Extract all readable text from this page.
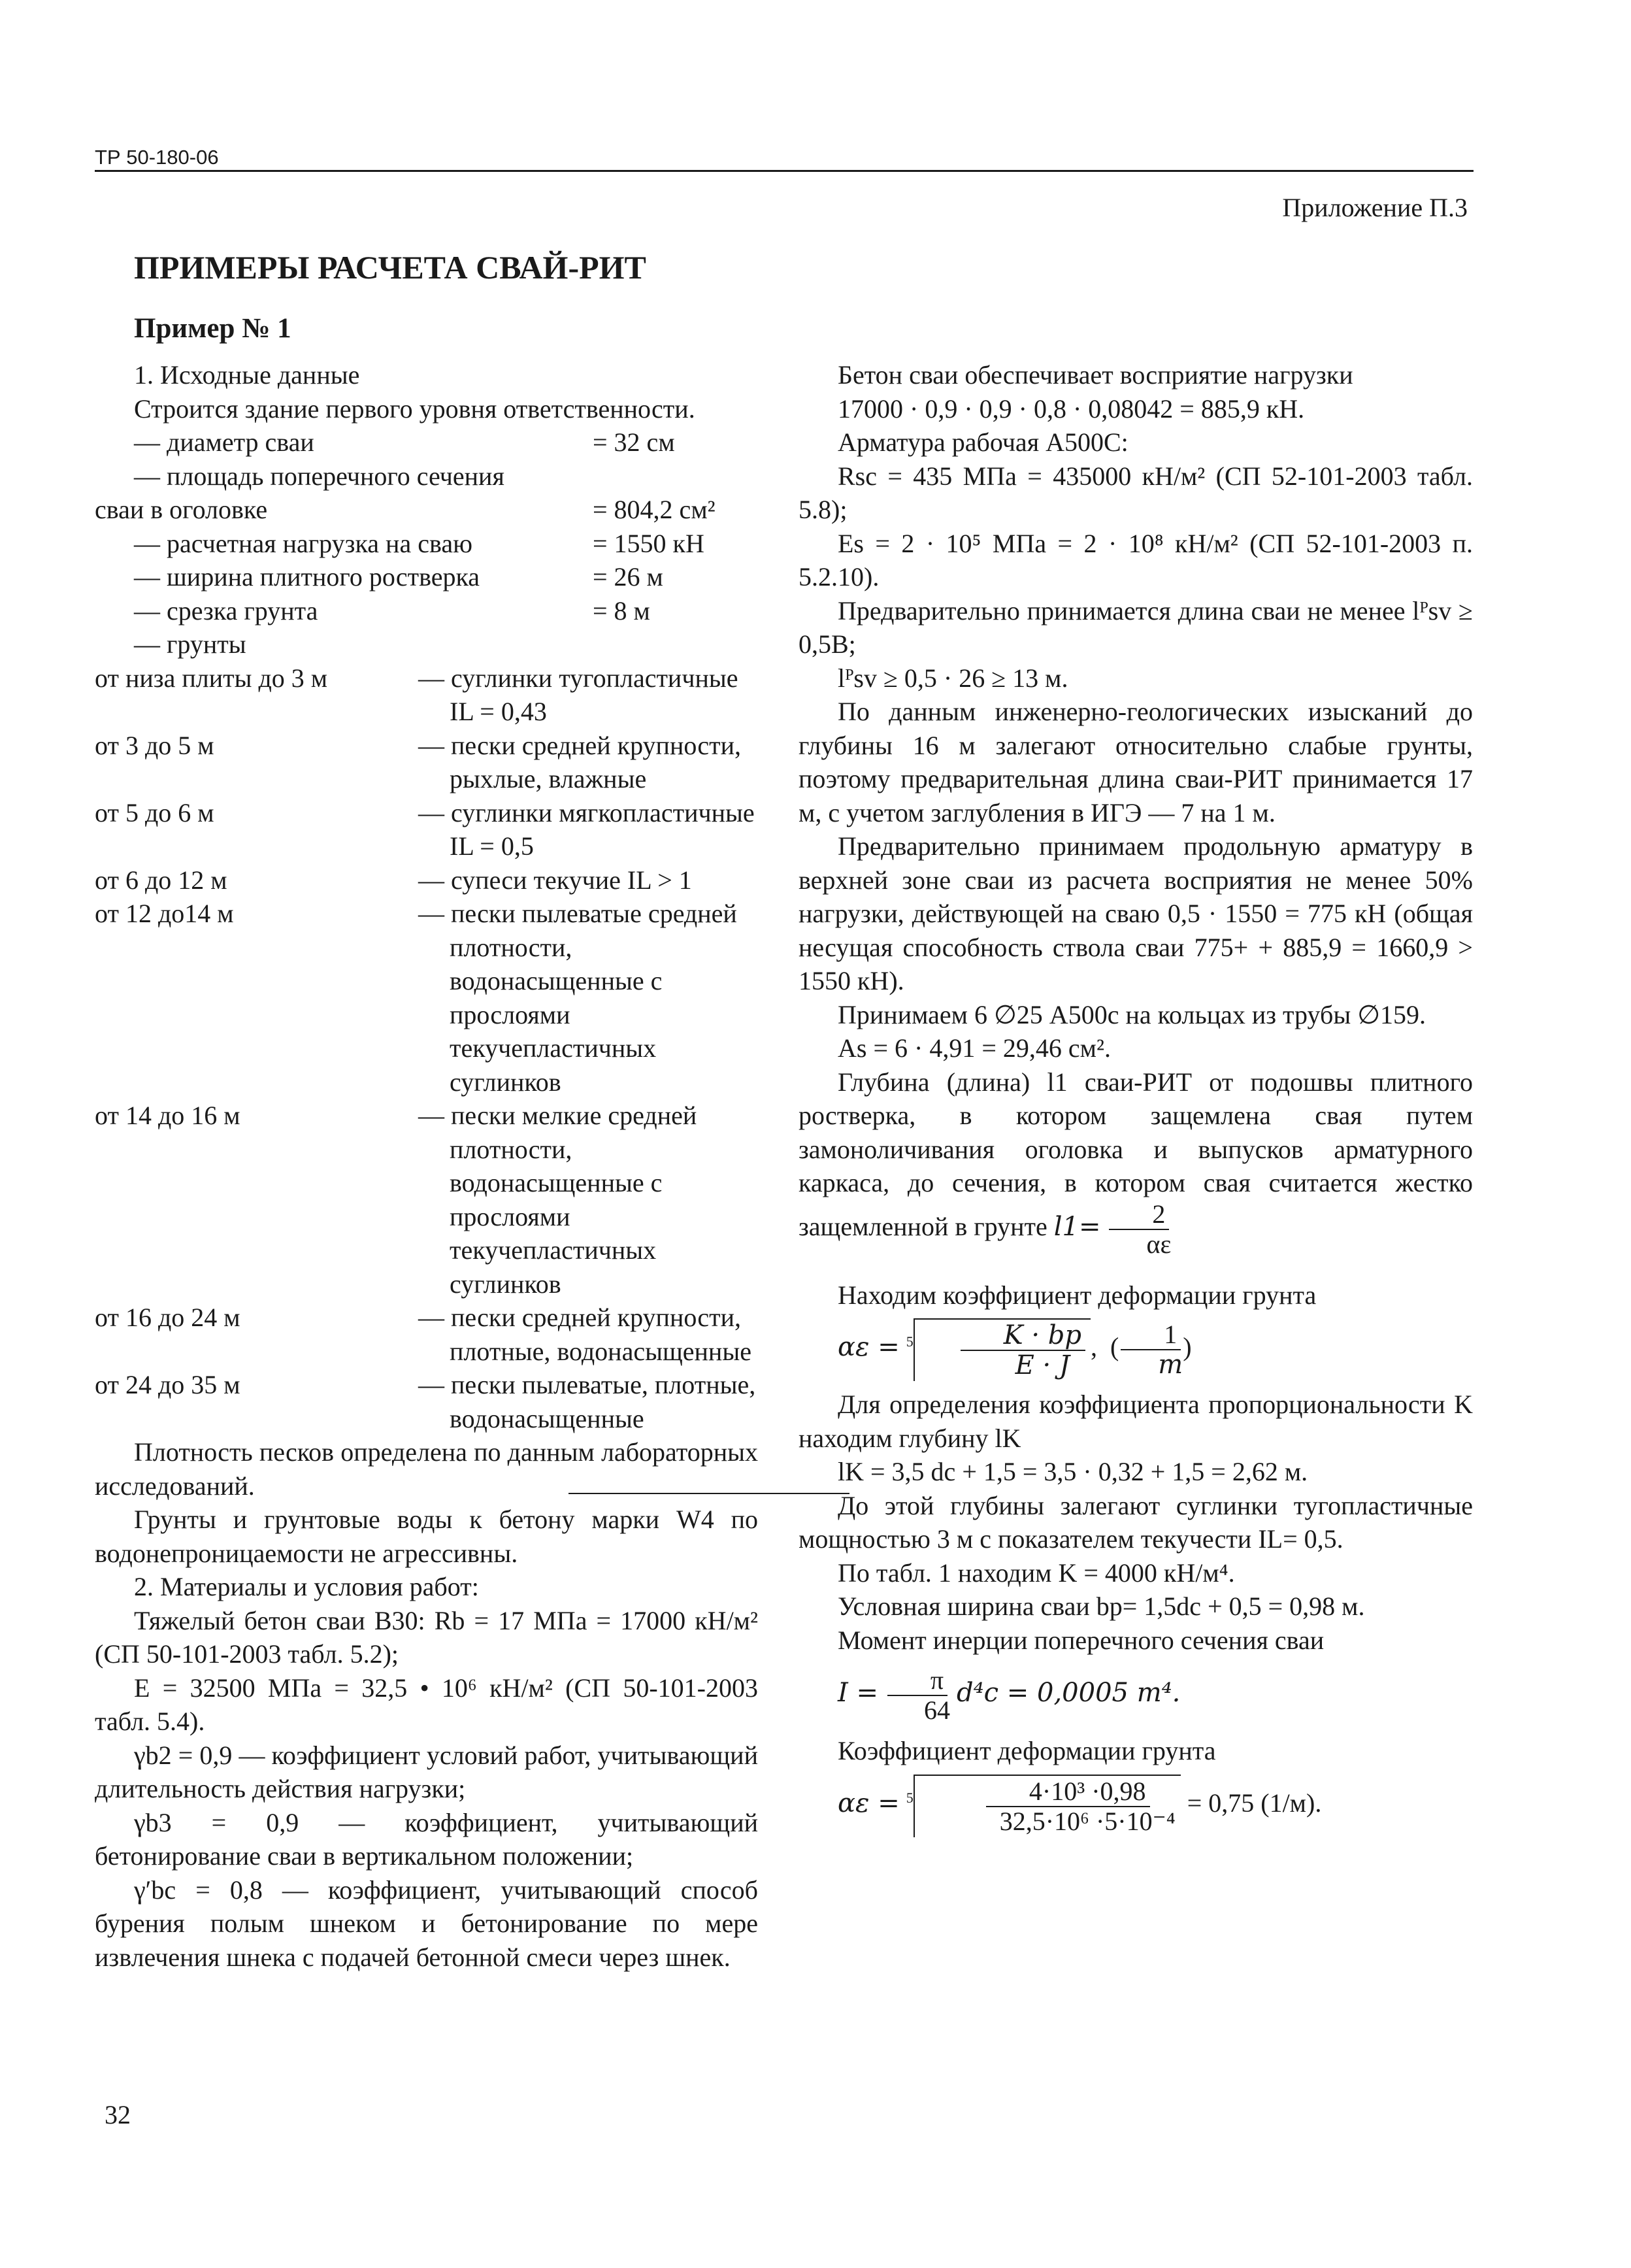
ТР 50-180-06
Приложение П.3
ПРИМЕРЫ РАСЧЕТА СВАЙ-РИТ
Пример № 1

1. Исходные данные

Строится здание первого уровня ответственности.

— диаметр сваи	= 32 см
— площадь поперечного сечения
сваи в оголовке	= 804,2 см²
— расчетная нагрузка на сваю	= 1550 кН
— ширина плитного ростверка	= 26 м
— срезка грунта	= 8 м
— грунты
от низа плиты до 3 м	— суглинки тугопластичные IL = 0,43
от 3 до 5 м	— пески средней крупности, рыхлые, влажные
от 5 до 6 м	— суглинки мягкопластичные IL = 0,5
от 6 до 12 м	— супеси текучие IL > 1
от 12 до14 м	— пески пылеватые средней плотности, водонасыщенные с прослоями текучепластичных суглинков
от 14 до 16 м	— пески мелкие средней плотности, водонасыщенные с прослоями текучепластичных суглинков
от 16 до 24 м	— пески средней крупности, плотные, водонасыщенные
от 24 до 35 м	— пески пылеватые, плотные, водонасыщенные

Плотность песков определена по данным лабораторных исследований.

Грунты и грунтовые воды к бетону марки W4 по водонепроницаемости не агрессивны.

2. Материалы и условия работ:

Тяжелый бетон сваи В30: Rb = 17 МПа = 17000 кН/м² (СП 50-101-2003 табл. 5.2);

E = 32500 МПа = 32,5 • 10⁶ кН/м² (СП 50-101-2003 табл. 5.4).

γb2 = 0,9 — коэффициент условий работ, учитывающий длительность действия нагрузки;

γb3 = 0,9 — коэффициент, учитывающий бетонирование сваи в вертикальном положении;

γ′bc = 0,8 — коэффициент, учитывающий способ бурения полым шнеком и бетонирование по мере извлечения шнека с подачей бетонной смеси через шнек.

Бетон сваи обеспечивает восприятие нагрузки

17000 · 0,9 · 0,9 · 0,8 · 0,08042 = 885,9 кН.

Арматура рабочая А500С:

Rsc = 435 МПа = 435000 кН/м² (СП 52-101-2003 табл. 5.8);

Es = 2 · 10⁵ МПа = 2 · 10⁸ кН/м² (СП 52-101-2003 п. 5.2.10).

Предварительно принимается длина сваи не менее lᴾsv ≥ 0,5B;

lᴾsv ≥ 0,5 · 26 ≥ 13 м.

По данным инженерно-геологических изысканий до глубины 16 м залегают относительно слабые грунты, поэтому предварительная длина сваи-РИТ принимается 17 м, с учетом заглубления в ИГЭ — 7 на 1 м.

Предварительно принимаем продольную арматуру в верхней зоне сваи из расчета восприятия не менее 50% нагрузки, действующей на сваю 0,5 · 1550 = 775 кН (общая несущая способность ствола сваи 775+ + 885,9 = 1660,9 > 1550 кН).

Принимаем 6 ∅25 А500с на кольцах из трубы ∅159.

As = 6 · 4,91 = 29,46 см².

Глубина (длина) l1 сваи-РИТ от подошвы плитного ростверка, в котором защемлена свая путем замоноличивания оголовка и выпусков арматурного каркаса, до сечения, в котором свая считается жестко защемленной в грунте $l1= \frac{2}{\alpha\varepsilon}$

Находим коэффициент деформации грунта

$\alpha\varepsilon = ^5 \frac{K \cdot bp}{E \cdot J}$ ,  ( $\frac{1}{m}$ )

Для определения коэффициента пропорциональности K находим глубину lK

lK = 3,5 dc + 1,5 = 3,5 · 0,32 + 1,5 = 2,62 м.

До этой глубины залегают суглинки тугопластичные мощностью 3 м с показателем текучести IL= 0,5.

По табл. 1 находим K = 4000 кН/м⁴.

Условная ширина сваи bp= 1,5dc + 0,5 = 0,98 м.

Момент инерции поперечного сечения сваи

$I = \frac{\pi}{64} d^4c = 0,0005$ m⁴.

Коэффициент деформации грунта

$\alpha\varepsilon = ^5 \frac{\text{4·10³ ·0,98}}{\text{32,5·10⁶ ·5·10⁻⁴}} = 0,75$ (1/м).

32
